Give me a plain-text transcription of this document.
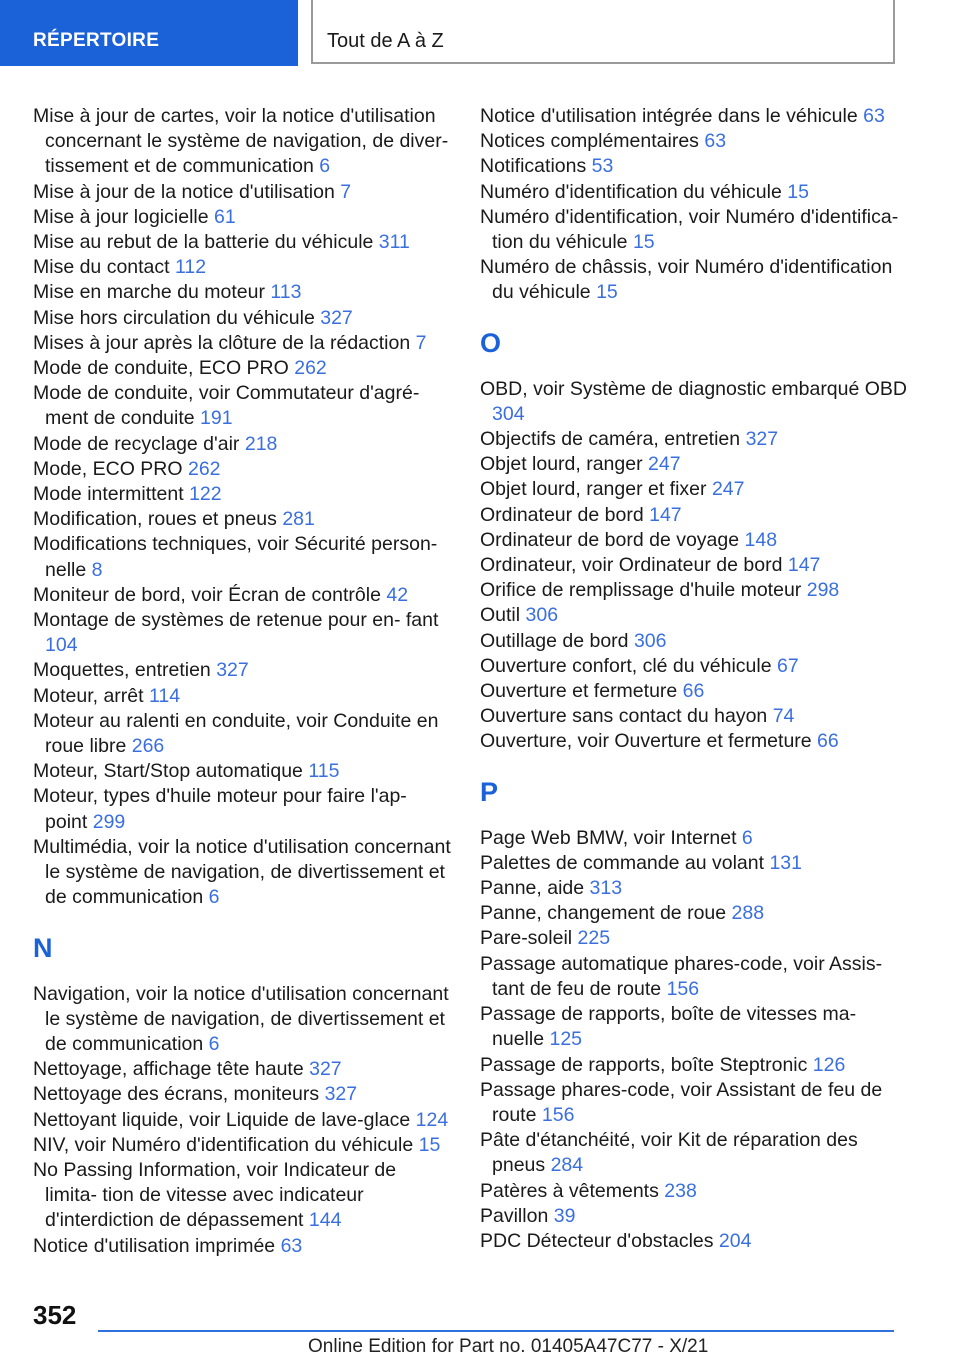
RÉPERTOIRE	Tout de A à Z
Mise à jour de cartes, voir la notice d'utilisation concernant le système de navigation, de diver‐ tissement et de communication 6
Mise à jour de la notice d'utilisation 7
Mise à jour logicielle 61
Mise au rebut de la batterie du véhicule 311
Mise du contact 112
Mise en marche du moteur 113
Mise hors circulation du véhicule 327
Mises à jour après la clôture de la rédaction 7
Mode de conduite, ECO PRO 262
Mode de conduite, voir Commutateur d'agré‐ ment de conduite 191
Mode de recyclage d'air 218
Mode, ECO PRO 262
Mode intermittent 122
Modification, roues et pneus 281
Modifications techniques, voir Sécurité person‐ nelle 8
Moniteur de bord, voir Écran de contrôle 42
Montage de systèmes de retenue pour en‐ fant 104
Moquettes, entretien 327
Moteur, arrêt 114
Moteur au ralenti en conduite, voir Conduite en roue libre 266
Moteur, Start/Stop automatique 115
Moteur, types d'huile moteur pour faire l'ap‐ point 299
Multimédia, voir la notice d'utilisation concernant le système de navigation, de divertissement et de communication 6
N
Navigation, voir la notice d'utilisation concernant le système de navigation, de divertissement et de communication 6
Nettoyage, affichage tête haute 327
Nettoyage des écrans, moniteurs 327
Nettoyant liquide, voir Liquide de lave-glace 124
NIV, voir Numéro d'identification du véhicule 15
No Passing Information, voir Indicateur de limita‐ tion de vitesse avec indicateur d'interdiction de dépassement 144
Notice d'utilisation imprimée 63
Notice d'utilisation intégrée dans le véhicule 63
Notices complémentaires 63
Notifications 53
Numéro d'identification du véhicule 15
Numéro d'identification, voir Numéro d'identifica‐ tion du véhicule 15
Numéro de châssis, voir Numéro d'identification du véhicule 15
O
OBD, voir Système de diagnostic embarqué OBD 304
Objectifs de caméra, entretien 327
Objet lourd, ranger 247
Objet lourd, ranger et fixer 247
Ordinateur de bord 147
Ordinateur de bord de voyage 148
Ordinateur, voir Ordinateur de bord 147
Orifice de remplissage d'huile moteur 298
Outil 306
Outillage de bord 306
Ouverture confort, clé du véhicule 67
Ouverture et fermeture 66
Ouverture sans contact du hayon 74
Ouverture, voir Ouverture et fermeture 66
P
Page Web BMW, voir Internet 6
Palettes de commande au volant 131
Panne, aide 313
Panne, changement de roue 288
Pare-soleil 225
Passage automatique phares-code, voir Assis‐ tant de feu de route 156
Passage de rapports, boîte de vitesses ma‐ nuelle 125
Passage de rapports, boîte Steptronic 126
Passage phares-code, voir Assistant de feu de route 156
Pâte d'étanchéité, voir Kit de réparation des pneus 284
Patères à vêtements 238
Pavillon 39
PDC Détecteur d'obstacles 204
352
Online Edition for Part no. 01405A47C77 - X/21
